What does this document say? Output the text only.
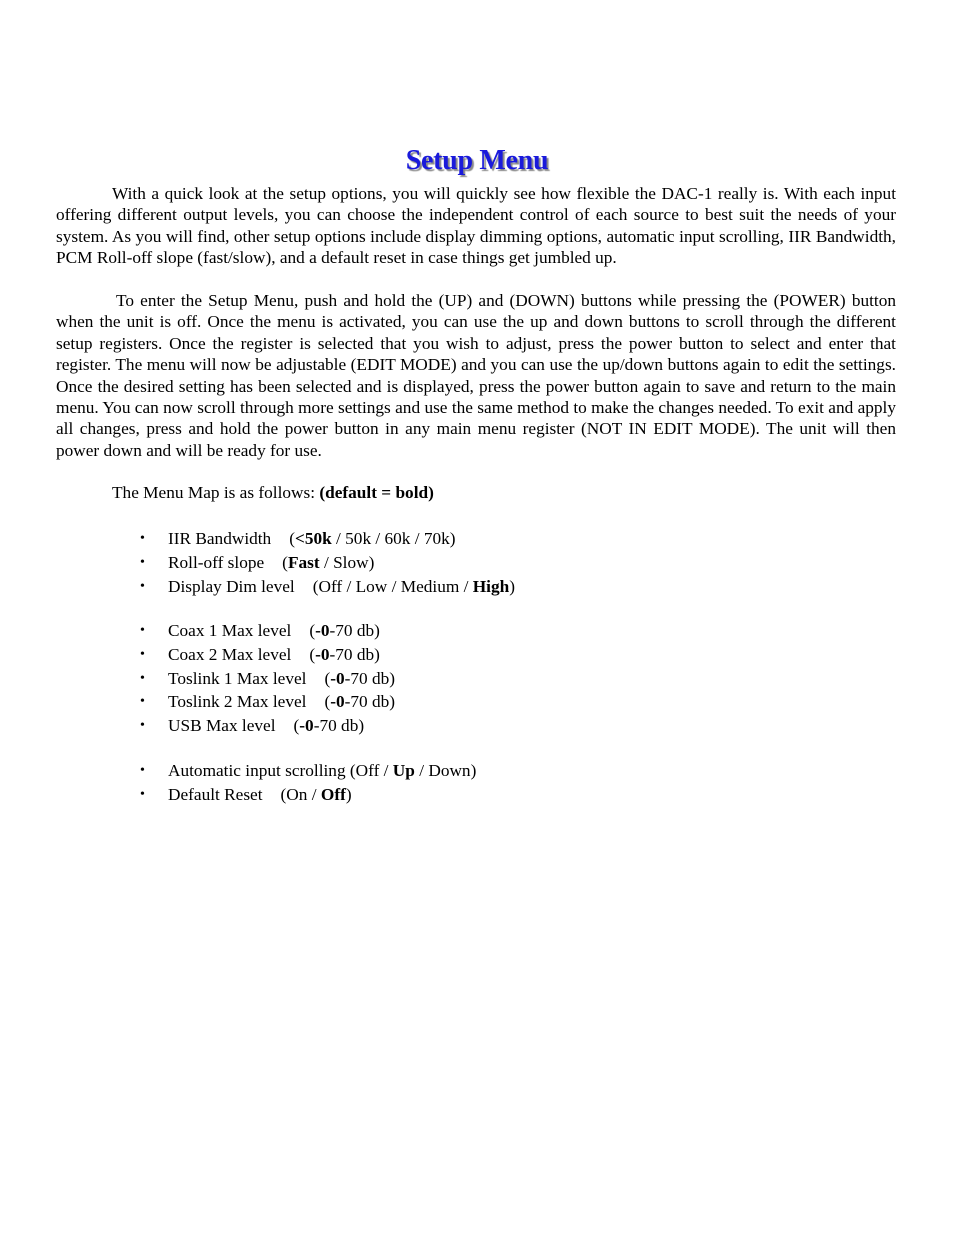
Setup Menu

With a quick look at the setup options, you will quickly see how flexible the DAC-1 really is. With each input offering different output levels, you can choose the independent control of each source to best suit the needs of your system. As you will find, other setup options include display dimming options, automatic input scrolling, IIR Bandwidth, PCM Roll-off slope (fast/slow), and a default reset in case things get jumbled up.

To enter the Setup Menu, push and hold the (UP) and (DOWN) buttons while pressing the (POWER) button when the unit is off. Once the menu is activated, you can use the up and down buttons to scroll through the different setup registers. Once the register is selected that you wish to adjust, press the power button to select and enter that register. The menu will now be adjustable (EDIT MODE) and you can use the up/down buttons again to edit the settings. Once the desired setting has been selected and is displayed, press the power button again to save and return to the main menu. You can now scroll through more settings and use the same method to make the changes needed. To exit and apply all changes, press and hold the power button in any main menu register (NOT IN EDIT MODE). The unit will then power down and will be ready for use.

The Menu Map is as follows: (default = bold)
• IIR Bandwidth (<50k / 50k / 60k / 70k)
• Roll-off slope (Fast / Slow)
• Display Dim level (Off / Low / Medium / High)
• Coax 1 Max level (-0-70 db)
• Coax 2 Max level (-0-70 db)
• Toslink 1 Max level (-0-70 db)
• Toslink 2 Max level (-0-70 db)
• USB Max level (-0-70 db)
• Automatic input scrolling (Off / Up / Down)
• Default Reset (On / Off)
